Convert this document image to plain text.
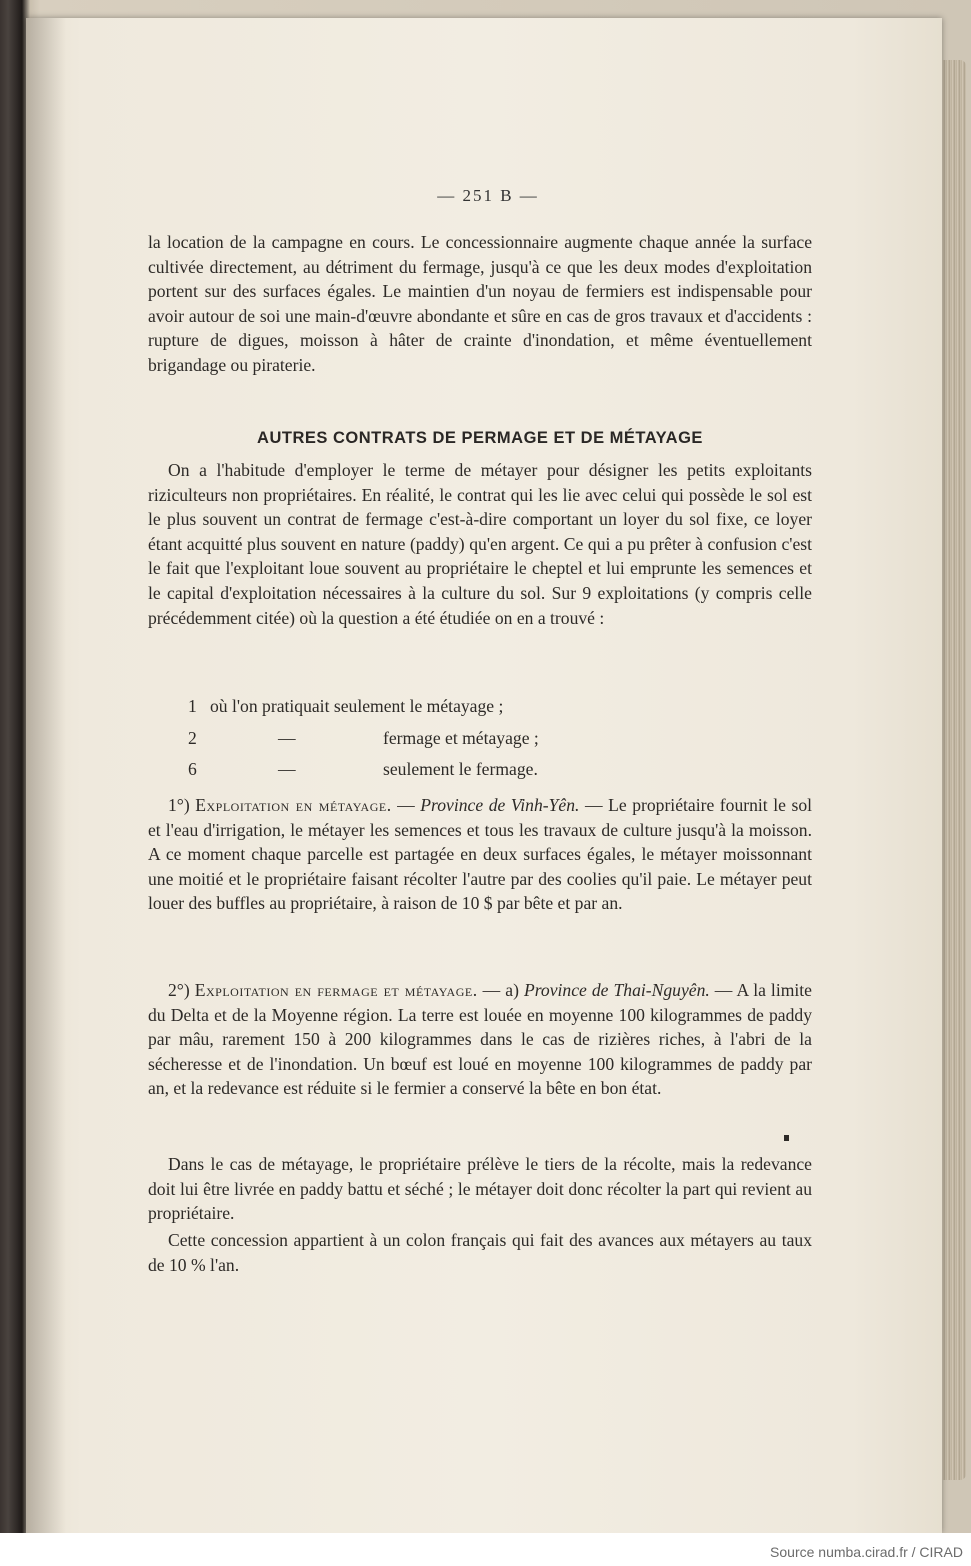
— 251 B —

la location de la campagne en cours. Le concessionnaire augmente chaque année la surface cultivée directement, au détriment du fermage, jusqu'à ce que les deux modes d'exploitation portent sur des surfaces égales. Le maintien d'un noyau de fermiers est indispensable pour avoir autour de soi une main-d'œuvre abondante et sûre en cas de gros travaux et d'accidents : rupture de digues, moisson à hâter de crainte d'inondation, et même éventuellement brigandage ou piraterie.

AUTRES CONTRATS DE PERMAGE ET DE MÉTAYAGE

On a l'habitude d'employer le terme de métayer pour désigner les petits exploitants riziculteurs non propriétaires. En réalité, le contrat qui les lie avec celui qui possède le sol est le plus souvent un contrat de fermage c'est-à-dire comportant un loyer du sol fixe, ce loyer étant acquitté plus souvent en nature (paddy) qu'en argent. Ce qui a pu prêter à confusion c'est le fait que l'exploitant loue souvent au propriétaire le cheptel et lui emprunte les semences et le capital d'exploitation nécessaires à la culture du sol. Sur 9 exploitations (y compris celle précédemment citée) où la question a été étudiée on en a trouvé :

1 où l'on pratiquait seulement le métayage ;
2	—	fermage et métayage ;
6	—	seulement le fermage.

1°) Exploitation en métayage. — Province de Vinh-Yên. — Le propriétaire fournit le sol et l'eau d'irrigation, le métayer les semences et tous les travaux de culture jusqu'à la moisson. A ce moment chaque parcelle est partagée en deux surfaces égales, le métayer moissonnant une moitié et le propriétaire faisant récolter l'autre par des coolies qu'il paie. Le métayer peut louer des buffles au propriétaire, à raison de 10 $ par bête et par an.

2°) Exploitation en fermage et métayage. — a) Province de Thai-Nguyên. — A la limite du Delta et de la Moyenne région. La terre est louée en moyenne 100 kilogrammes de paddy par mâu, rarement 150 à 200 kilogrammes dans le cas de rizières riches, à l'abri de la sécheresse et de l'inondation. Un bœuf est loué en moyenne 100 kilogrammes de paddy par an, et la redevance est réduite si le fermier a conservé la bête en bon état.

Dans le cas de métayage, le propriétaire prélève le tiers de la récolte, mais la redevance doit lui être livrée en paddy battu et séché ; le métayer doit donc récolter la part qui revient au propriétaire.

Cette concession appartient à un colon français qui fait des avances aux métayers au taux de 10 % l'an.

Source numba.cirad.fr / CIRAD
